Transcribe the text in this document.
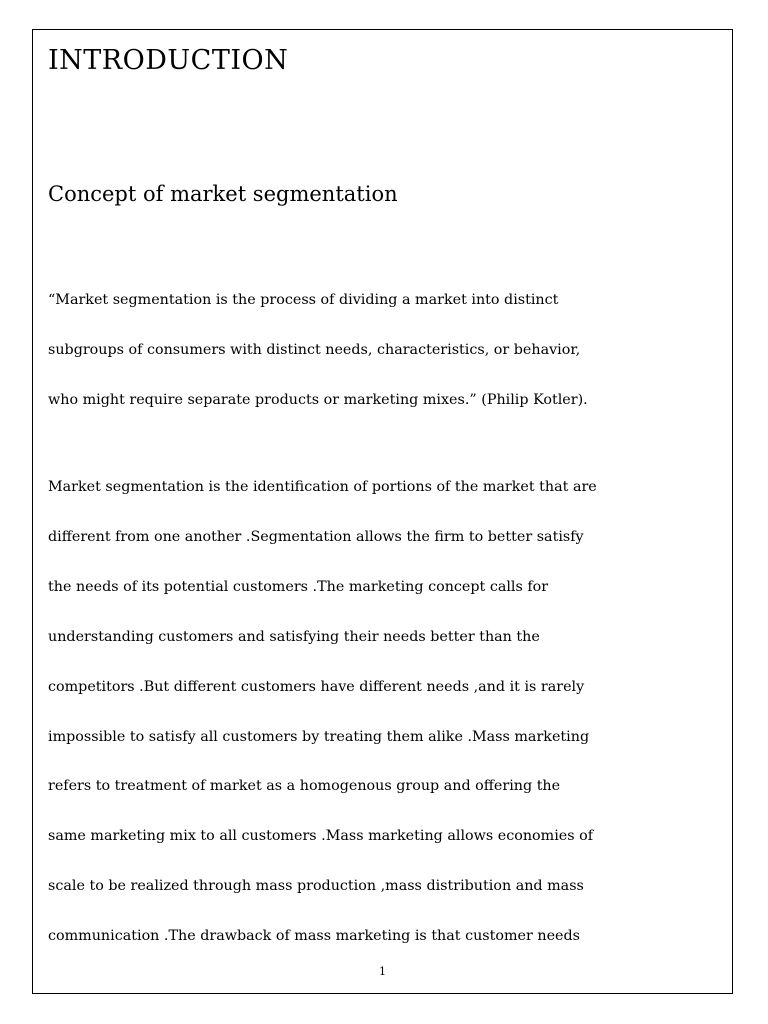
INTRODUCTION
Concept of market segmentation
“Market segmentation is the process of dividing a market into distinct
subgroups of consumers with distinct needs, characteristics, or behavior,
who might require separate products or marketing mixes.” (Philip Kotler).
Market segmentation is the identification of portions of the market that are
different from one another .Segmentation allows the firm to better satisfy
the needs of its potential customers .The marketing concept calls for
understanding customers and satisfying their needs better than the
competitors .But different customers have different needs ,and it is rarely
impossible to satisfy all customers by treating them alike .Mass marketing
refers to treatment of market as a homogenous group and offering the
same marketing mix to all customers .Mass marketing allows economies of
scale to be realized through mass production ,mass distribution and mass
communication .The drawback of mass marketing is that customer needs
1
